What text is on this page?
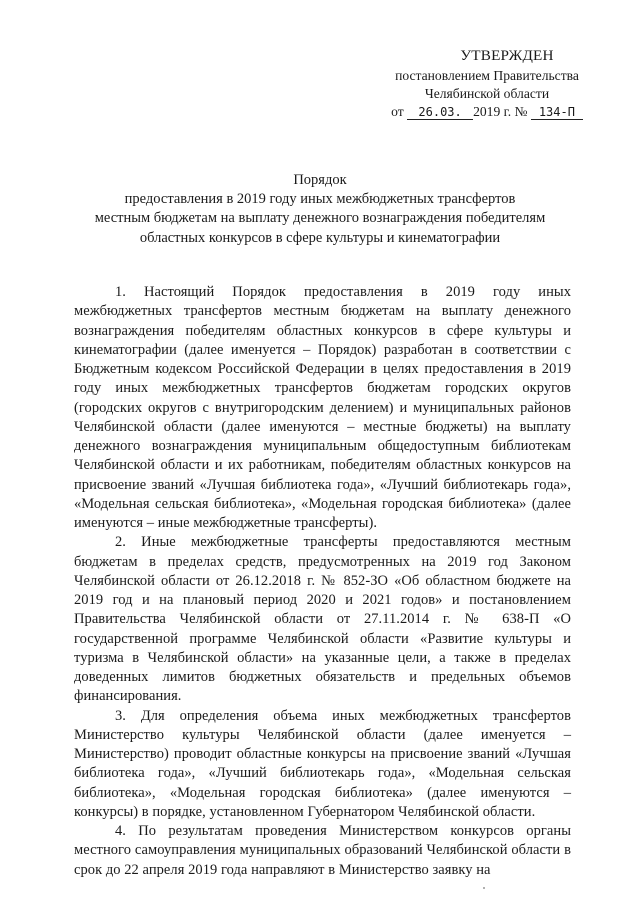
УТВЕРЖДЕН
постановлением Правительства
Челябинской области
от 26.03. 2019 г. № 134-П
Порядок
предоставления в 2019 году иных межбюджетных трансфертов
местным бюджетам на выплату денежного вознаграждения победителям
областных конкурсов в сфере культуры и кинематографии

1. Настоящий Порядок предоставления в 2019 году иных межбюджетных трансфертов местным бюджетам на выплату денежного вознаграждения победителям областных конкурсов в сфере культуры и кинематографии (далее именуется – Порядок) разработан в соответствии с Бюджетным кодексом Российской Федерации в целях предоставления в 2019 году иных межбюджетных трансфертов бюджетам городских округов (городских округов с внутригородским делением) и муниципальных районов Челябинской области (далее именуются – местные бюджеты) на выплату денежного вознаграждения муниципальным общедоступным библиотекам Челябинской области и их работникам, победителям областных конкурсов на присвоение званий «Лучшая библиотека года», «Лучший библиотекарь года», «Модельная сельская библиотека», «Модельная городская библиотека» (далее именуются – иные межбюджетные трансферты).

2. Иные межбюджетные трансферты предоставляются местным бюджетам в пределах средств, предусмотренных на 2019 год Законом Челябинской области от 26.12.2018 г. № 852-ЗО «Об областном бюджете на 2019 год и на плановый период 2020 и 2021 годов» и постановлением Правительства Челябинской области от 27.11.2014 г. № 638-П «О государственной программе Челябинской области «Развитие культуры и туризма в Челябинской области» на указанные цели, а также в пределах доведенных лимитов бюджетных обязательств и предельных объемов финансирования.

3. Для определения объема иных межбюджетных трансфертов Министерство культуры Челябинской области (далее именуется – Министерство) проводит областные конкурсы на присвоение званий «Лучшая библиотека года», «Лучший библиотекарь года», «Модельная сельская библиотека», «Модельная городская библиотека» (далее именуются – конкурсы) в порядке, установленном Губернатором Челябинской области.

4. По результатам проведения Министерством конкурсов органы местного самоуправления муниципальных образований Челябинской области в срок до 22 апреля 2019 года направляют в Министерство заявку на
